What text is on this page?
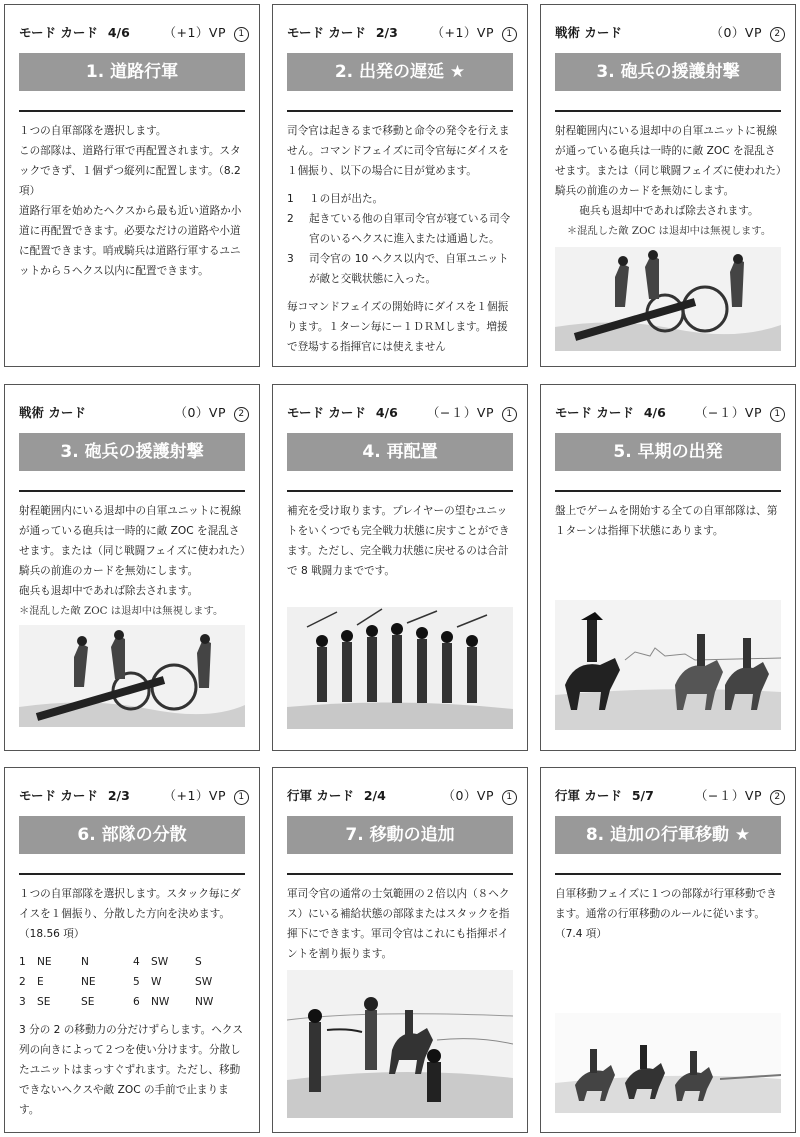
モード カード 4/6	（+1）VP 1
1. 道路行軍

１つの自軍部隊を選択します。

この部隊は、道路行軍で再配置されます。スタックできず、１個ずつ縦列に配置します。（8.2 項）

道路行軍を始めたヘクスから最も近い道路か小道に再配置できます。必要なだけの道路や小道に配置できます。哨戒騎兵は道路行軍するユニットから５ヘクス以内に配置できます。

モード カード 2/3	（+1）VP 1
2. 出発の遅延 ★

司令官は起きるまで移動と命令の発令を行えません。コマンドフェイズに司令官毎にダイスを１個振り、以下の場合に目が覚めます。

1 １の目が出た。
2 起きている他の自軍司令官が寝ている司令官のいるヘクスに進入または通過した。
3 司令官の 10 ヘクス以内で、自軍ユニットが敵と交戦状態に入った。

毎コマンドフェイズの開始時にダイスを１個振ります。１ターン毎にー１ＤＲＭします。増援で登場する指揮官には使えません

戦術 カード	（0）VP 2
3. 砲兵の援護射撃

射程範囲内にいる退却中の自軍ユニットに視線が通っている砲兵は一時的に敵 ZOC を混乱させます。または（同じ戦闘フェイズに使われた）騎兵の前進のカードを無効にします。

砲兵も退却中であれば除去されます。

＊混乱した敵 ZOC は退却中は無視します。

戦術 カード	（0）VP 2
3. 砲兵の援護射撃

射程範囲内にいる退却中の自軍ユニットに視線が通っている砲兵は一時的に敵 ZOC を混乱させます。または（同じ戦闘フェイズに使われた）騎兵の前進のカードを無効にします。

砲兵も退却中であれば除去されます。

＊混乱した敵 ZOC は退却中は無視します。

モード カード 4/6 （−１）VP 1
4. 再配置

補充を受け取ります。プレイヤーの望むユニットをいくつでも完全戦力状態に戻すことができます。ただし、完全戦力状態に戻せるのは合計で 8 戦闘力までです。

モード カード 4/6 （−１）VP 1
5. 早期の出発

盤上でゲームを開始する全ての自軍部隊は、第１ターンは指揮下状態にあります。

モード カード 2/3	（+1）VP 1
6. 部隊の分散

１つの自軍部隊を選択します。スタック毎にダイスを１個振り、分散した方向を決めます。（18.56 項）

1	NE	N	4	SW	S
2	E	NE	5	W	SW
3	SE	SE	6	NW	NW

3 分の 2 の移動力の分だけずらします。ヘクス列の向きによって２つを使い分けます。分散したユニットはまっすぐずれます。ただし、移動できないヘクスや敵 ZOC の手前で止まります。

行軍 カード 2/4	（0）VP 1
7. 移動の追加

軍司令官の通常の士気範囲の２倍以内（８ヘクス）にいる補給状態の部隊またはスタックを指揮下にできます。軍司令官はこれにも指揮ポイントを割り振ります。

行軍 カード 5/7	（−１）VP 2
8. 追加の行軍移動 ★

自軍移動フェイズに１つの部隊が行軍移動できます。通常の行軍移動のルールに従います。（7.4 項）
